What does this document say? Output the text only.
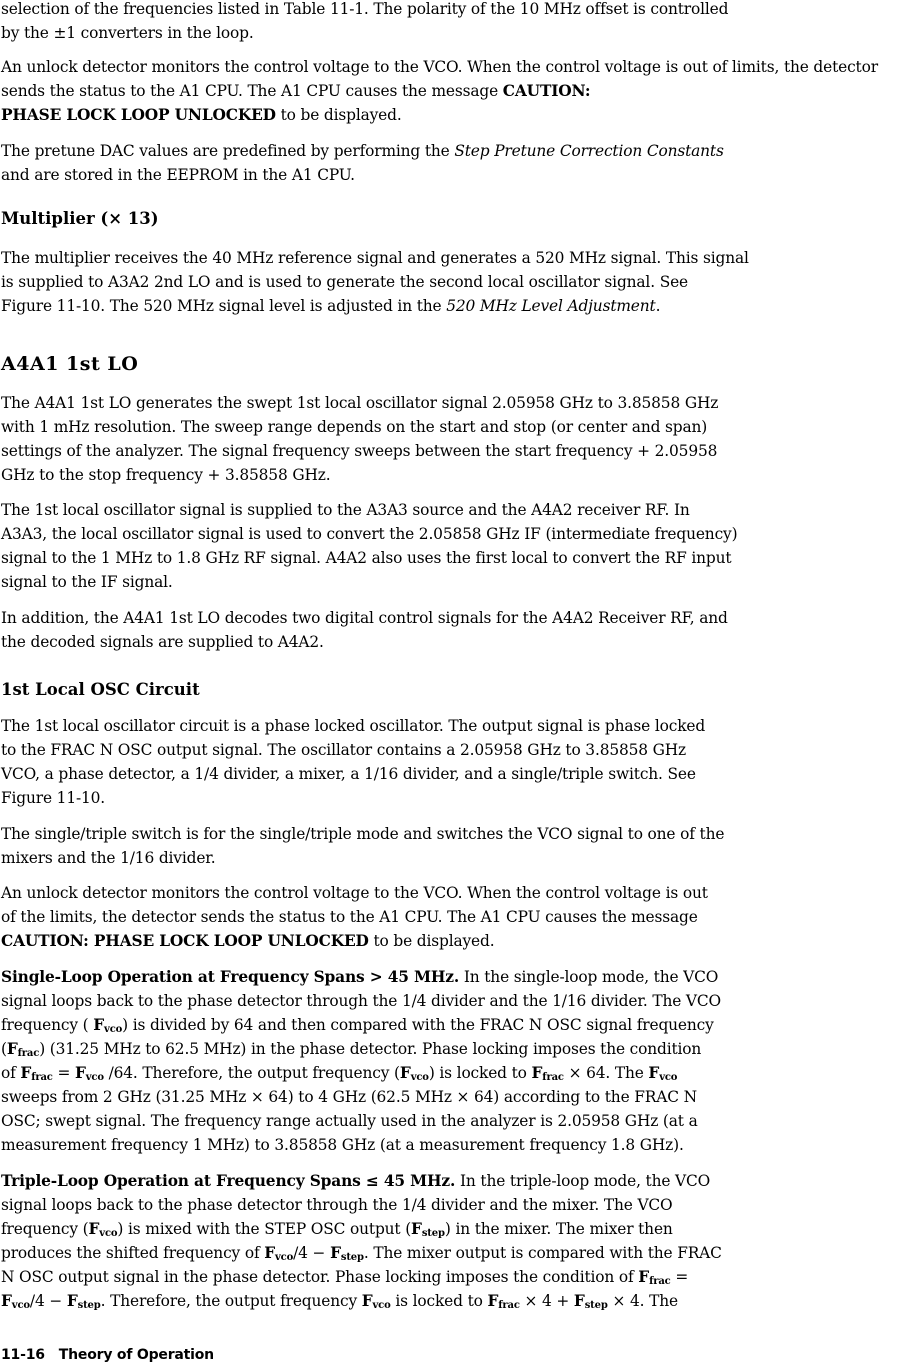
selection of the frequencies listed in Table 11-1. The polarity of the 10 MHz offset is controlled

by the ±1 converters in the loop.

An unlock detector monitors the control voltage to the VCO. When the control voltage is out of limits, the detector sends the status to the A1 CPU. The A1 CPU causes the message CAUTION:
PHASE LOCK LOOP UNLOCKED to be displayed.

The pretune DAC values are predefined by performing the Step Pretune Correction Constants

and are stored in the EEPROM in the A1 CPU.

Multiplier (× 13)

The multiplier receives the 40 MHz reference signal and generates a 520 MHz signal. This signal

is supplied to A3A2 2nd LO and is used to generate the second local oscillator signal. See

Figure 11-10. The 520 MHz signal level is adjusted in the 520 MHz Level Adjustment.

A4A1 1st LO

The A4A1 1st LO generates the swept 1st local oscillator signal 2.05958 GHz to 3.85858 GHz

with 1 mHz resolution. The sweep range depends on the start and stop (or center and span)

settings of the analyzer. The signal frequency sweeps between the start frequency + 2.05958

GHz to the stop frequency + 3.85858 GHz.

The 1st local oscillator signal is supplied to the A3A3 source and the A4A2 receiver RF. In

A3A3, the local oscillator signal is used to convert the 2.05858 GHz IF (intermediate frequency)

signal to the 1 MHz to 1.8 GHz RF signal. A4A2 also uses the first local to convert the RF input

signal to the IF signal.

In addition, the A4A1 1st LO decodes two digital control signals for the A4A2 Receiver RF, and

the decoded signals are supplied to A4A2.

1st Local OSC Circuit

The 1st local oscillator circuit is a phase locked oscillator. The output signal is phase locked

to the FRAC N OSC output signal. The oscillator contains a 2.05958 GHz to 3.85858 GHz

VCO, a phase detector, a 1/4 divider, a mixer, a 1/16 divider, and a single/triple switch. See

Figure 11-10.

The single/triple switch is for the single/triple mode and switches the VCO signal to one of the

mixers and the 1/16 divider.

An unlock detector monitors the control voltage to the VCO. When the control voltage is out

of the limits, the detector sends the status to the A1 CPU. The A1 CPU causes the message

CAUTION: PHASE LOCK LOOP UNLOCKED to be displayed.

Single-Loop Operation at Frequency Spans > 45 MHz. In the single-loop mode, the VCO

signal loops back to the phase detector through the 1/4 divider and the 1/16 divider. The VCO

frequency ( $F_{vco}$) is divided by 64 and then compared with the FRAC N OSC signal frequency

$(F_{frac})$ (31.25 MHz to 62.5 MHz) in the phase detector. Phase locking imposes the condition

of $F_{frac} = F_{vco}$ /64. Therefore, the output frequency $(F_{vco})$ is locked to $F_{frac} \times 64$. The $F_{vco}$

sweeps from 2 GHz (31.25 MHz × 64) to 4 GHz (62.5 MHz × 64) according to the FRAC N

OSC; swept signal. The frequency range actually used in the analyzer is 2.05958 GHz (at a

measurement frequency 1 MHz) to 3.85858 GHz (at a measurement frequency 1.8 GHz).

Triple-Loop Operation at Frequency Spans ≤ 45 MHz. In the triple-loop mode, the VCO

signal loops back to the phase detector through the 1/4 divider and the mixer. The VCO

frequency $(F_{vco})$ is mixed with the STEP OSC output $(F_{step})$ in the mixer. The mixer then

produces the shifted frequency of $F_{vco}/4 - F_{step}$. The mixer output is compared with the FRAC

N OSC output signal in the phase detector. Phase locking imposes the condition of $F_{frac}$ =

$F_{vco}/4 - F_{step}$. Therefore, the output frequency $F_{vco}$ is locked to $F_{frac} \times 4 + F_{step} \times 4$. The

11-16 Theory of Operation
